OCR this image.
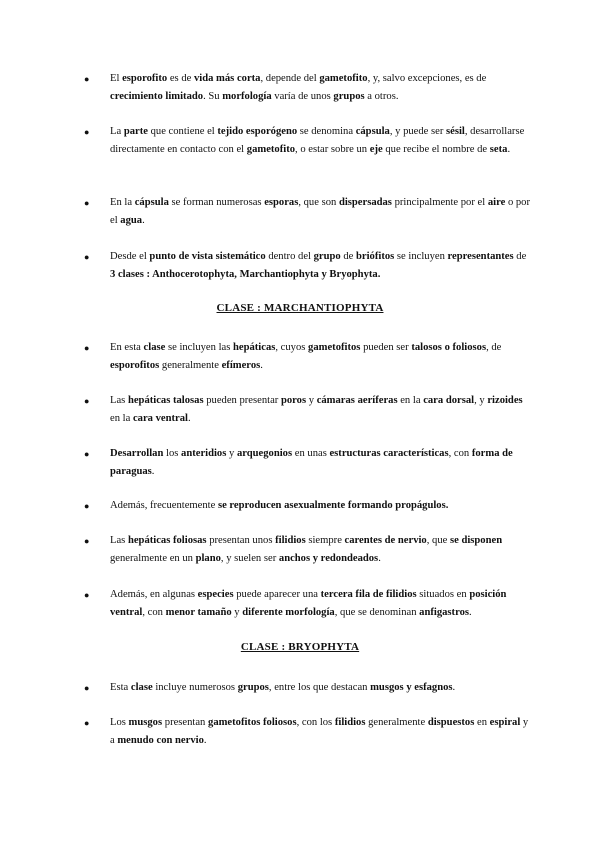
●	El esporofito es de vida más corta, depende del gametofito, y, salvo excepciones, es de crecimiento limitado. Su morfología varía de unos grupos a otros.
●	La parte que contiene el tejido esporógeno se denomina cápsula, y puede ser sésil, desarrollarse directamente en contacto con el gametofito, o estar sobre un eje que recibe el nombre de seta.
●	En la cápsula se forman numerosas esporas, que son dispersadas principalmente por el aire o por el agua.
●	Desde el punto de vista sistemático dentro del grupo de briófitos se incluyen representantes de 3 clases : Anthocerotophyta, Marchantiophyta y Bryophyta.
CLASE : MARCHANTIOPHYTA
●	En esta clase se incluyen las hepáticas, cuyos gametofitos pueden ser talosos o foliosos, de esporofitos generalmente efímeros.
●	Las hepáticas talosas pueden presentar poros y cámaras aeríferas en la cara dorsal, y rizoides en la cara ventral.
●	Desarrollan los anteridios y arquegonios en unas estructuras características, con forma de paraguas.
●	Además, frecuentemente se reproducen asexualmente formando propágulos.
●	Las hepáticas foliosas presentan unos filidios siempre carentes de nervio, que se disponen generalmente en un plano, y suelen ser anchos y redondeados.
●	Además, en algunas especies puede aparecer una tercera fila de filidios situados en posición ventral, con menor tamaño y diferente morfología, que se denominan anfigastros.
CLASE : BRYOPHYTA
●	Esta clase incluye numerosos grupos, entre los que destacan musgos y esfagnos.
●	Los musgos presentan gametofitos foliosos, con los filidios generalmente dispuestos en espiral y a menudo con nervio.
